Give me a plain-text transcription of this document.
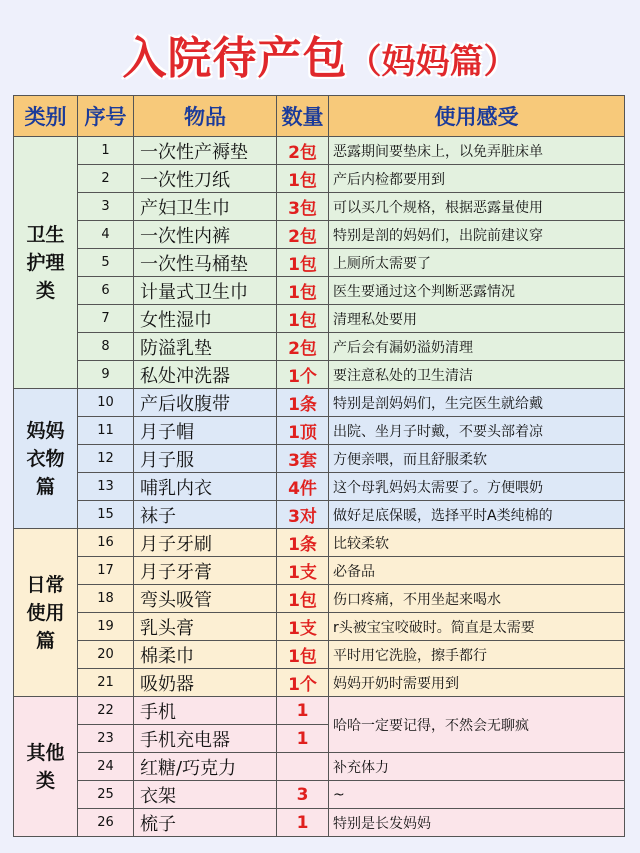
入院待产包（妈妈篇）
类别	序号	物品	数量	使用感受
卫生护理类	1	一次性产褥垫	2包	恶露期间要垫床上，以免弄脏床单
	2	一次性刀纸	1包	产后内检都要用到
	3	产妇卫生巾	3包	可以买几个规格，根据恶露量使用
	4	一次性内裤	2包	特别是剖的妈妈们，出院前建议穿
	5	一次性马桶垫	1包	上厕所太需要了
	6	计量式卫生巾	1包	医生要通过这个判断恶露情况
	7	女性湿巾	1包	清理私处要用
	8	防溢乳垫	2包	产后会有漏奶溢奶清理
	9	私处冲洗器	1个	要注意私处的卫生清洁
妈妈衣物篇	10	产后收腹带	1条	特别是剖妈妈们，生完医生就给戴
	11	月子帽	1顶	出院、坐月子时戴，不要头部着凉
	12	月子服	3套	方便亲喂，而且舒服柔软
	13	哺乳内衣	4件	这个母乳妈妈太需要了。方便喂奶
	15	袜子	3对	做好足底保暖，选择平时A类纯棉的
日常使用篇	16	月子牙刷	1条	比较柔软
	17	月子牙膏	1支	必备品
	18	弯头吸管	1包	伤口疼痛，不用坐起来喝水
	19	乳头膏	1支	r头被宝宝咬破时。简直是太需要
	20	棉柔巾	1包	平时用它洗脸，擦手都行
	21	吸奶器	1个	妈妈开奶时需要用到
其他类	22	手机	1	哈哈一定要记得，不然会无聊疯
	23	手机充电器	1	
	24	红糖/巧克力		补充体力
	25	衣架	3	~
	26	梳子	1	特别是长发妈妈
